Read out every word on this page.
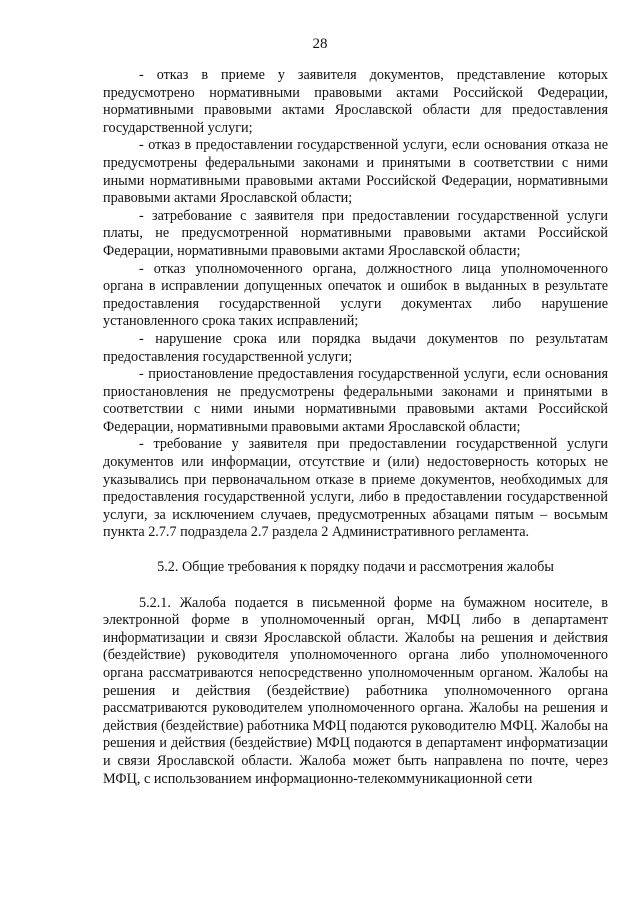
28

- отказ в приеме у заявителя документов, представление которых предусмотрено нормативными правовыми актами Российской Федерации, нормативными правовыми актами Ярославской области для предоставления государственной услуги;

- отказ в предоставлении государственной услуги, если основания отказа не предусмотрены федеральными законами и принятыми в соответствии с ними иными нормативными правовыми актами Российской Федерации, нормативными правовыми актами Ярославской области;

- затребование с заявителя при предоставлении государственной услуги платы, не предусмотренной нормативными правовыми актами Российской Федерации, нормативными правовыми актами Ярославской области;

- отказ уполномоченного органа, должностного лица уполномоченного органа в исправлении допущенных опечаток и ошибок в выданных в результате предоставления государственной услуги документах либо нарушение установленного срока таких исправлений;

- нарушение срока или порядка выдачи документов по результатам предоставления государственной услуги;

- приостановление предоставления государственной услуги, если основания приостановления не предусмотрены федеральными законами и принятыми в соответствии с ними иными нормативными правовыми актами Российской Федерации, нормативными правовыми актами Ярославской области;

- требование у заявителя при предоставлении государственной услуги документов или информации, отсутствие и (или) недостоверность которых не указывались при первоначальном отказе в приеме документов, необходимых для предоставления государственной услуги, либо в предоставлении государственной услуги, за исключением случаев, предусмотренных абзацами пятым – восьмым пункта 2.7.7 подраздела 2.7 раздела 2 Административного регламента.

5.2. Общие требования к порядку подачи и рассмотрения жалобы

5.2.1. Жалоба подается в письменной форме на бумажном носителе, в электронной форме в уполномоченный орган, МФЦ либо в департамент информатизации и связи Ярославской области. Жалобы на решения и действия (бездействие) руководителя уполномоченного органа либо уполномоченного органа рассматриваются непосредственно уполномоченным органом. Жалобы на решения и действия (бездействие) работника уполномоченного органа рассматриваются руководителем уполномоченного органа. Жалобы на решения и действия (бездействие) работника МФЦ подаются руководителю МФЦ. Жалобы на решения и действия (бездействие) МФЦ подаются в департамент информатизации и связи Ярославской области. Жалоба может быть направлена по почте, через МФЦ, с использованием информационно-телекоммуникационной сети
